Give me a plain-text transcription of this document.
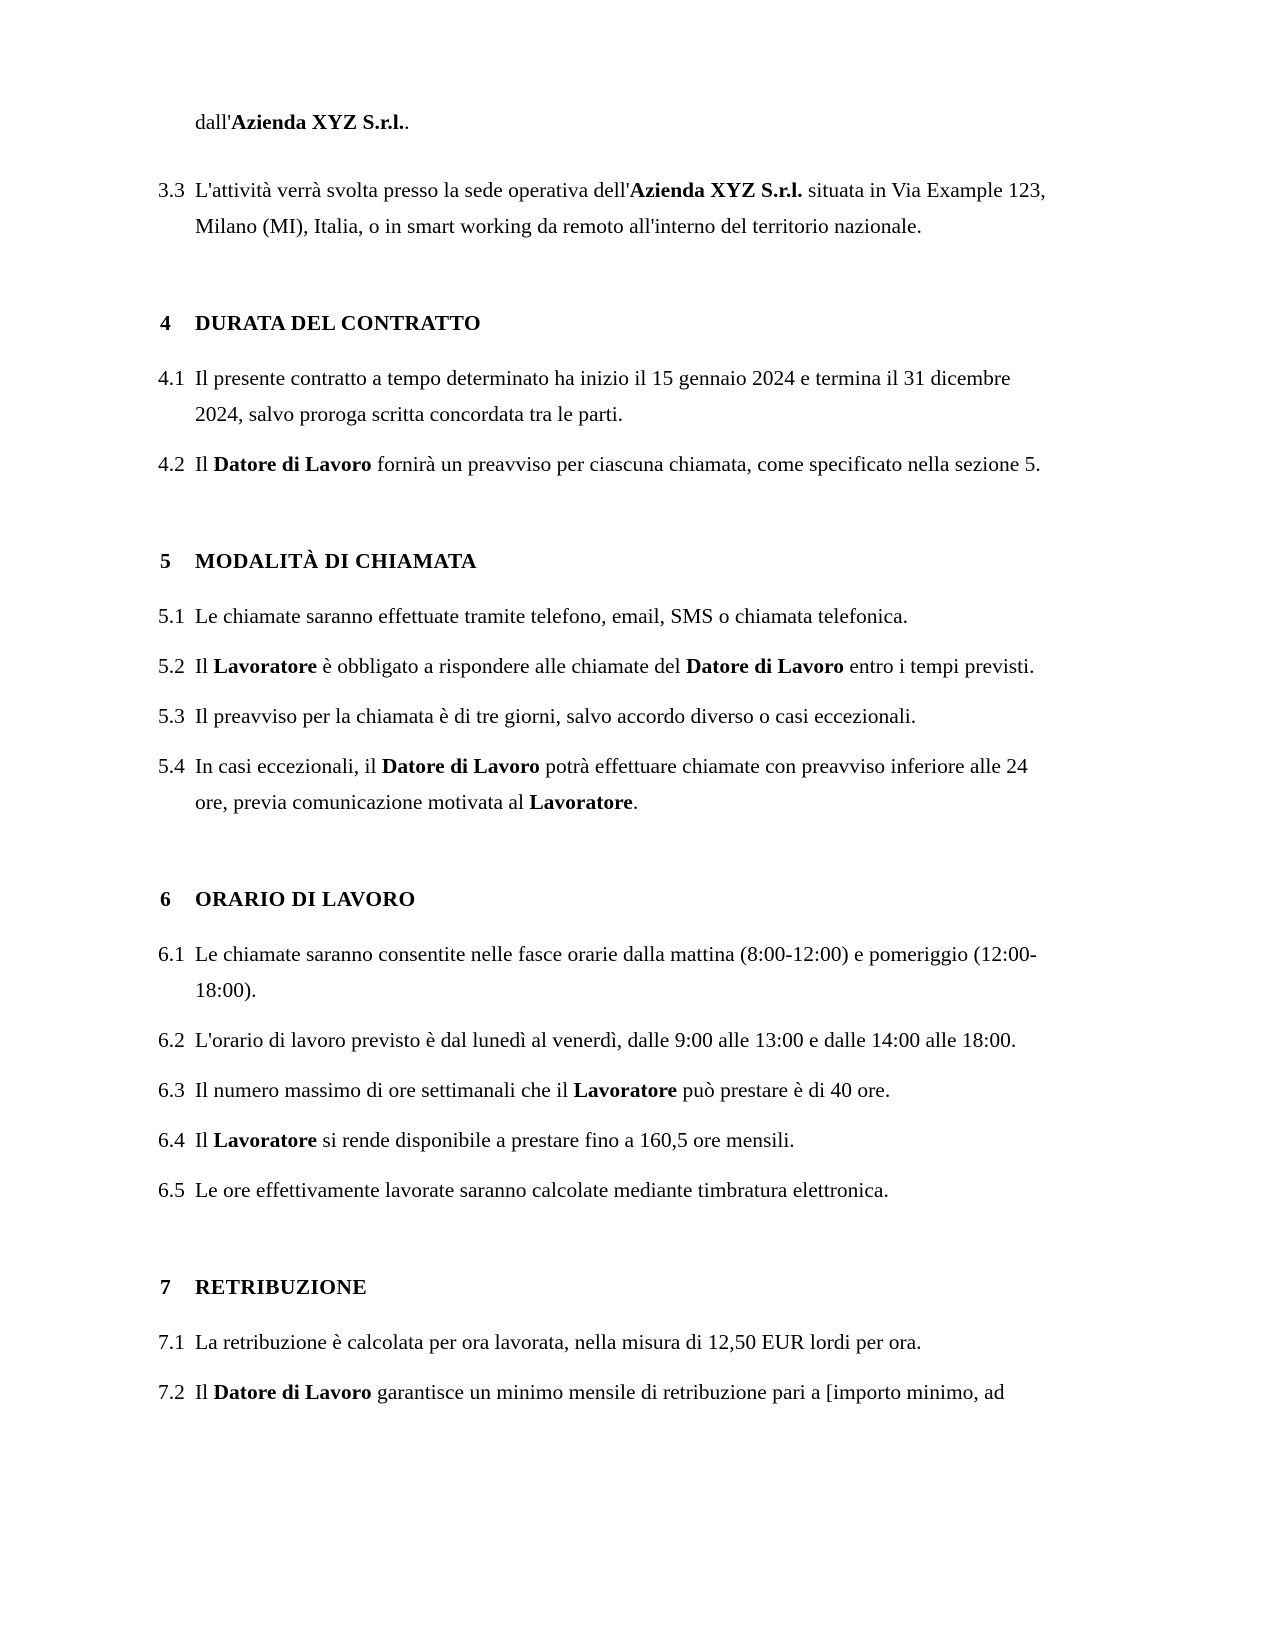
dall'Azienda XYZ S.r.l..
3.3 L'attività verrà svolta presso la sede operativa dell'Azienda XYZ S.r.l. situata in Via Example 123, Milano (MI), Italia, o in smart working da remoto all'interno del territorio nazionale.
4 DURATA DEL CONTRATTO
4.1 Il presente contratto a tempo determinato ha inizio il 15 gennaio 2024 e termina il 31 dicembre 2024, salvo proroga scritta concordata tra le parti.
4.2 Il Datore di Lavoro fornirà un preavviso per ciascuna chiamata, come specificato nella sezione 5.
5 MODALITÀ DI CHIAMATA
5.1 Le chiamate saranno effettuate tramite telefono, email, SMS o chiamata telefonica.
5.2 Il Lavoratore è obbligato a rispondere alle chiamate del Datore di Lavoro entro i tempi previsti.
5.3 Il preavviso per la chiamata è di tre giorni, salvo accordo diverso o casi eccezionali.
5.4 In casi eccezionali, il Datore di Lavoro potrà effettuare chiamate con preavviso inferiore alle 24 ore, previa comunicazione motivata al Lavoratore.
6 ORARIO DI LAVORO
6.1 Le chiamate saranno consentite nelle fasce orarie dalla mattina (8:00-12:00) e pomeriggio (12:00-18:00).
6.2 L'orario di lavoro previsto è dal lunedì al venerdì, dalle 9:00 alle 13:00 e dalle 14:00 alle 18:00.
6.3 Il numero massimo di ore settimanali che il Lavoratore può prestare è di 40 ore.
6.4 Il Lavoratore si rende disponibile a prestare fino a 160,5 ore mensili.
6.5 Le ore effettivamente lavorate saranno calcolate mediante timbratura elettronica.
7 RETRIBUZIONE
7.1 La retribuzione è calcolata per ora lavorata, nella misura di 12,50 EUR lordi per ora.
7.2 Il Datore di Lavoro garantisce un minimo mensile di retribuzione pari a [importo minimo, ad
